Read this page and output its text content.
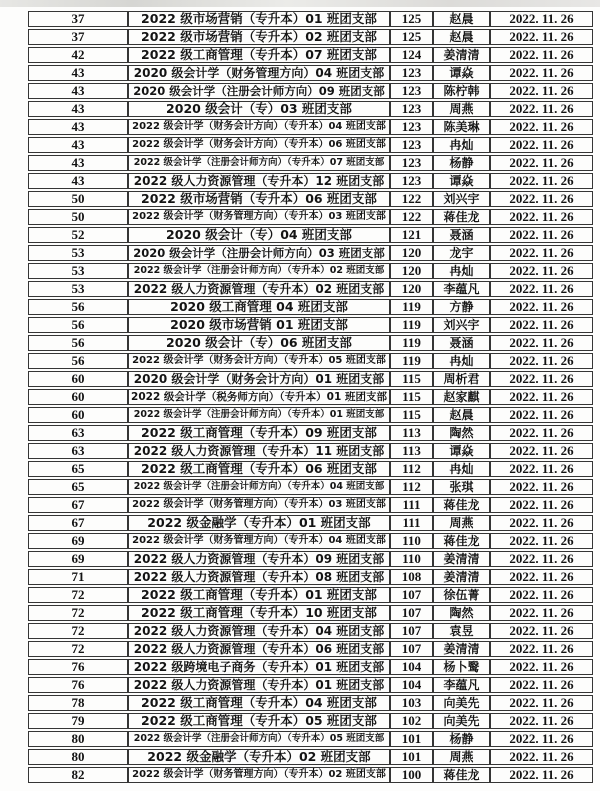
37	2022 级市场营销（专升本）01 班团支部	125	赵晨	2022. 11. 26
37	2022 级市场营销（专升本）02 班团支部	125	赵晨	2022. 11. 26
42	2022 级工商管理（专升本）07 班团支部	124	姜清清	2022. 11. 26
43	2020 级会计学（财务管理方向）04 班团支部	123	谭焱	2022. 11. 26
43	2020 级会计学（注册会计师方向）09 班团支部	123	陈柠韩	2022. 11. 26
43	2020 级会计（专）03 班团支部	123	周燕	2022. 11. 26
43	2022 级会计学（财务会计方向）（专升本）04 班团支部	123	陈美琳	2022. 11. 26
43	2022 级会计学（财务会计方向）（专升本）06 班团支部	123	冉灿	2022. 11. 26
43	2022 级会计学（注册会计师方向）（专升本）07 班团支部	123	杨静	2022. 11. 26
43	2022 级人力资源管理（专升本）12 班团支部	123	谭焱	2022. 11. 26
50	2022 级市场营销（专升本）06 班团支部	122	刘兴宇	2022. 11. 26
50	2022 级会计学（财务管理方向）（专升本）03 班团支部	122	蒋佳龙	2022. 11. 26
52	2020 级会计（专）04 班团支部	121	聂涵	2022. 11. 26
53	2020 级会计学（注册会计师方向）03 班团支部	120	龙宇	2022. 11. 26
53	2022 级会计学（注册会计师方向）（专升本）02 班团支部	120	冉灿	2022. 11. 26
53	2022 级人力资源管理（专升本）02 班团支部	120	李蕴凡	2022. 11. 26
56	2020 级工商管理 04 班团支部	119	方静	2022. 11. 26
56	2020 级市场营销 01 班团支部	119	刘兴宇	2022. 11. 26
56	2020 级会计（专）06 班团支部	119	聂涵	2022. 11. 26
56	2022 级会计学（财务会计方向）（专升本）05 班团支部	119	冉灿	2022. 11. 26
60	2020 级会计学（财务会计方向）01 班团支部	115	周析君	2022. 11. 26
60	2022 级会计学（税务师方向）（专升本）01 班团支部	115	赵家麒	2022. 11. 26
60	2022 级会计学（注册会计师方向）（专升本）01 班团支部	115	赵晨	2022. 11. 26
63	2022 级工商管理（专升本）09 班团支部	113	陶然	2022. 11. 26
63	2022 级人力资源管理（专升本）11 班团支部	113	谭焱	2022. 11. 26
65	2022 级工商管理（专升本）06 班团支部	112	冉灿	2022. 11. 26
65	2022 级会计学（注册会计师方向）（专升本）04 班团支部	112	张琪	2022. 11. 26
67	2022 级会计学（财务管理方向）（专升本）03 班团支部	111	蒋佳龙	2022. 11. 26
67	2022 级金融学（专升本）01 班团支部	111	周燕	2022. 11. 26
69	2022 级会计学（财务管理方向）（专升本）04 班团支部	110	蒋佳龙	2022. 11. 26
69	2022 级人力资源管理（专升本）09 班团支部	110	姜清清	2022. 11. 26
71	2022 级人力资源管理（专升本）08 班团支部	108	姜清清	2022. 11. 26
72	2022 级工商管理（专升本）01 班团支部	107	徐伍菁	2022. 11. 26
72	2022 级工商管理（专升本）10 班团支部	107	陶然	2022. 11. 26
72	2022 级人力资源管理（专升本）04 班团支部	107	袁昱	2022. 11. 26
72	2022 级人力资源管理（专升本）06 班团支部	107	姜清清	2022. 11. 26
76	2022 级跨境电子商务（专升本）01 班团支部	104	杨卜鹥	2022. 11. 26
76	2022 级人力资源管理（专升本）01 班团支部	104	李蕴凡	2022. 11. 26
78	2022 级工商管理（专升本）04 班团支部	103	向美先	2022. 11. 26
79	2022 级工商管理（专升本）05 班团支部	102	向美先	2022. 11. 26
80	2022 级会计学（注册会计师方向）（专升本）05 班团支部	101	杨静	2022. 11. 26
80	2022 级金融学（专升本）02 班团支部	101	周燕	2022. 11. 26
82	2022 级会计学（财务管理方向）（专升本）02 班团支部	100	蒋佳龙	2022. 11. 26
